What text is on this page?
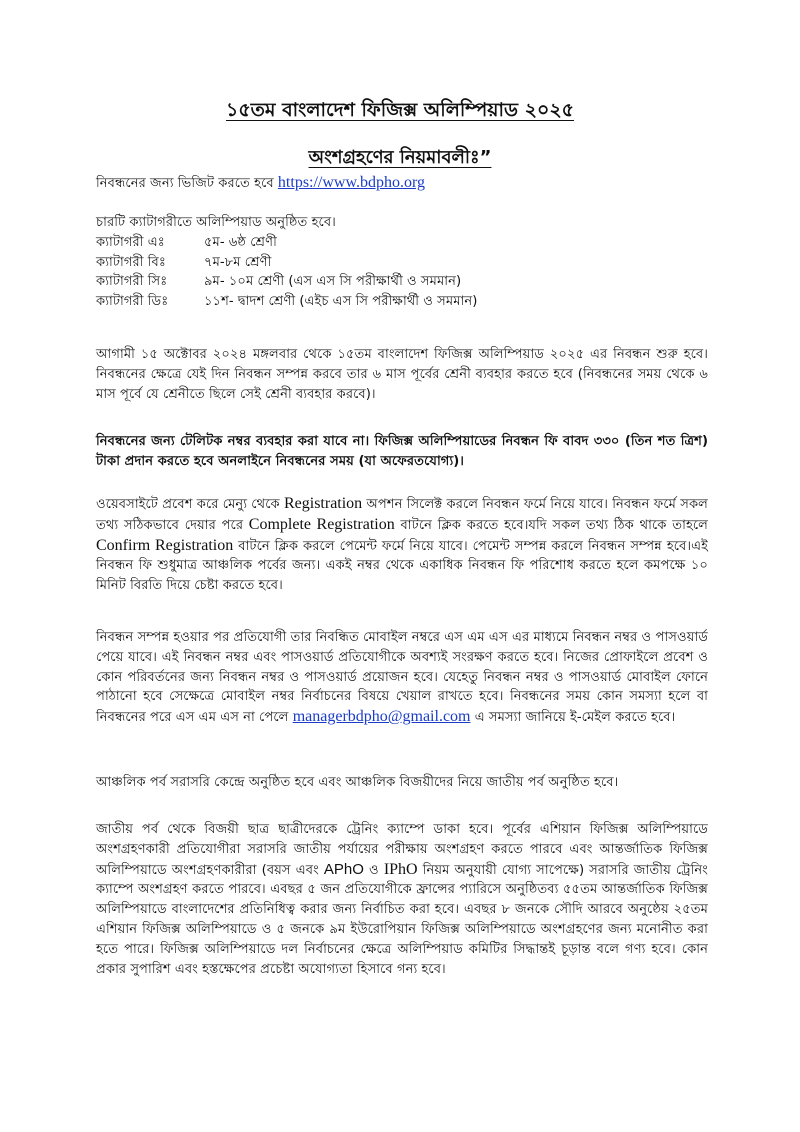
১৫তম বাংলাদেশ ফিজিক্স অলিম্পিয়াড ২০২৫
অংশগ্রহণের নিয়মাবলীঃ”

নিবন্ধনের জন্য ভিজিট করতে হবে https://www.bdpho.org

চারটি ক্যাটাগরীতে অলিম্পিয়াড অনুষ্ঠিত হবে।

ক্যাটাগরী এঃ	৫ম- ৬ষ্ঠ শ্রেণী
ক্যাটাগরী বিঃ	৭ম-৮ম শ্রেণী
ক্যাটাগরী সিঃ	৯ম- ১০ম শ্রেণী (এস এস সি পরীক্ষার্থী ও সমমান)
ক্যাটাগরী ডিঃ	১১শ- দ্বাদশ শ্রেণী (এইচ এস সি পরীক্ষার্থী ও সমমান)

আগামী ১৫ অক্টোবর ২০২৪ মঙ্গলবার থেকে ১৫তম বাংলাদেশ ফিজিক্স অলিম্পিয়াড ২০২৫ এর নিবন্ধন শুরু হবে। নিবন্ধনের ক্ষেত্রে যেই দিন নিবন্ধন সম্পন্ন করবে তার ৬ মাস পূর্বের শ্রেনী ব্যবহার করতে হবে (নিবন্ধনের সময় থেকে ৬ মাস পূর্বে যে শ্রেনীতে ছিলে সেই শ্রেনী ব্যবহার করবে)।

নিবন্ধনের জন্য টেলিটক নম্বর ব্যবহার করা যাবে না। ফিজিক্স অলিম্পিয়াডের নিবন্ধন ফি বাবদ ৩৩০ (তিন শত ত্রিশ) টাকা প্রদান করতে হবে অনলাইনে নিবন্ধনের সময় (যা অফেরতযোগ্য)।

ওয়েবসাইটে প্রবেশ করে মেন্যু থেকে Registration অপশন সিলেক্ট করলে নিবন্ধন ফর্মে নিয়ে যাবে। নিবন্ধন ফর্মে সকল তথ্য সঠিকভাবে দেয়ার পরে Complete Registration বাটনে ক্লিক করতে হবে।যদি সকল তথ্য ঠিক থাকে তাহলে Confirm Registration বাটনে ক্লিক করলে পেমেন্ট ফর্মে নিয়ে যাবে। পেমেন্ট সম্পন্ন করলে নিবন্ধন সম্পন্ন হবে।এই নিবন্ধন ফি শুধুমাত্র আঞ্চলিক পর্বের জন্য। একই নম্বর থেকে একাধিক নিবন্ধন ফি পরিশোধ করতে হলে কমপক্ষে ১০ মিনিট বিরতি দিয়ে চেষ্টা করতে হবে।

নিবন্ধন সম্পন্ন হওয়ার পর প্রতিযোগী তার নিবন্ধিত মোবাইল নম্বরে এস এম এস এর মাধ্যমে নিবন্ধন নম্বর ও পাসওয়ার্ড পেয়ে যাবে। এই নিবন্ধন নম্বর এবং পাসওয়ার্ড প্রতিযোগীকে অবশ্যই সংরক্ষণ করতে হবে। নিজের প্রোফাইলে প্রবেশ ও কোন পরিবর্তনের জন্য নিবন্ধন নম্বর ও পাসওয়ার্ড প্রয়োজন হবে। যেহেতু নিবন্ধন নম্বর ও পাসওয়ার্ড মোবাইল ফোনে পাঠানো হবে সেক্ষেত্রে মোবাইল নম্বর নির্বাচনের বিষয়ে খেয়াল রাখতে হবে। নিবন্ধনের সময় কোন সমস্যা হলে বা নিবন্ধনের পরে এস এম এস না পেলে managerbdpho@gmail.com এ সমস্যা জানিয়ে ই-মেইল করতে হবে।

আঞ্চলিক পর্ব সরাসরি কেন্দ্রে অনুষ্ঠিত হবে এবং আঞ্চলিক বিজয়ীদের নিয়ে জাতীয় পর্ব অনুষ্ঠিত হবে।

জাতীয় পর্ব থেকে বিজয়ী ছাত্র ছাত্রীদেরকে ট্রেনিং ক্যাম্পে ডাকা হবে। পূর্বের এশিয়ান ফিজিক্স অলিম্পিয়াডে অংশগ্রহণকারী প্রতিযোগীরা সরাসরি জাতীয় পর্যায়ের পরীক্ষায় অংশগ্রহণ করতে পারবে এবং আন্তর্জাতিক ফিজিক্স অলিম্পিয়াডে অংশগ্রহণকারীরা (বয়স এবং APhO ও IPhO নিয়ম অনুযায়ী যোগ্য সাপেক্ষে) সরাসরি জাতীয় ট্রেনিং ক্যাম্পে অংশগ্রহণ করতে পারবে। এবছর ৫ জন প্রতিযোগীকে ফ্রান্সের প্যারিসে অনুষ্ঠিতব্য ৫৫তম আন্তর্জাতিক ফিজিক্স অলিম্পিয়াডে বাংলাদেশের প্রতিনিধিত্ব করার জন্য নির্বাচিত করা হবে। এবছর ৮ জনকে সৌদি আরবে অনুষ্ঠেয় ২৫তম এশিয়ান ফিজিক্স অলিম্পিয়াডে ও ৫ জনকে ৯ম ইউরোপিয়ান ফিজিক্স অলিম্পিয়াডে অংশগ্রহণের জন্য মনোনীত করা হতে পারে। ফিজিক্স অলিম্পিয়াডে দল নির্বাচনের ক্ষেত্রে অলিম্পিয়াড কমিটির সিদ্ধান্তই চূড়ান্ত বলে গণ্য হবে। কোন প্রকার সুপারিশ এবং হস্তক্ষেপের প্রচেষ্টা অযোগ্যতা হিসাবে গন্য হবে।
